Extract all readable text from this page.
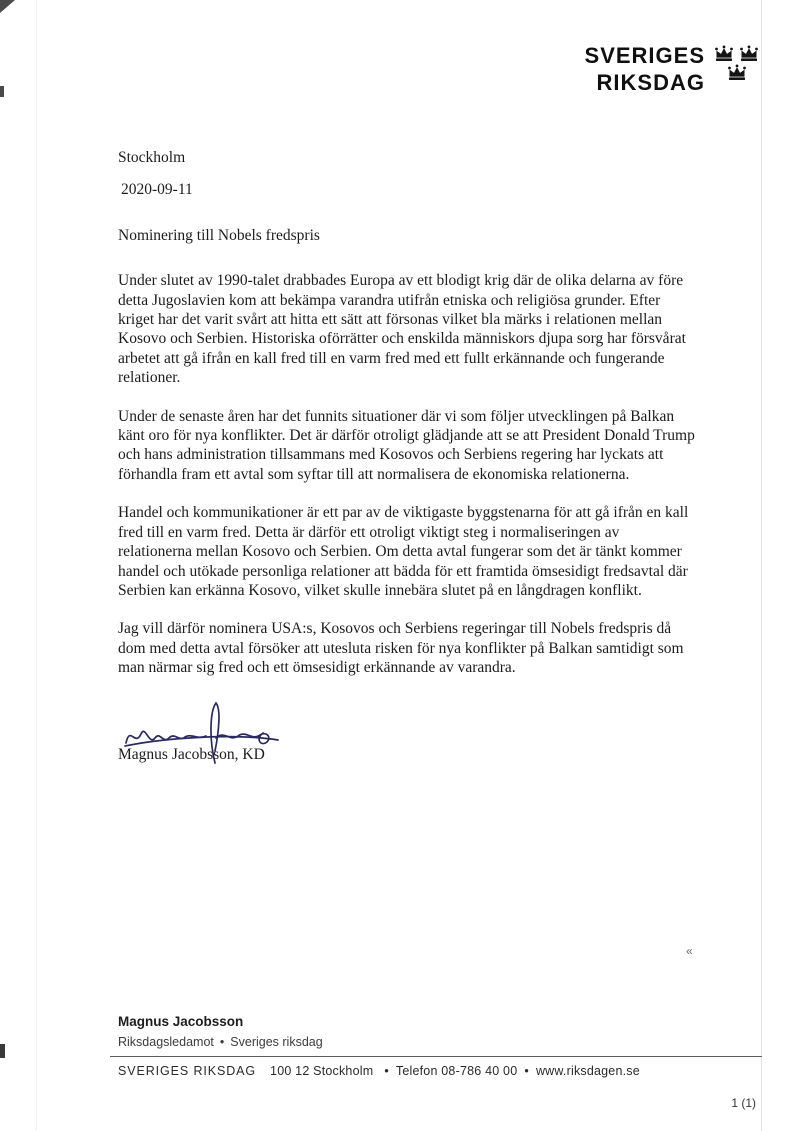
«
SVERIGES
RIKSDAG

Stockholm

2020-09-11

Nominering till Nobels fredspris

Under slutet av 1990-talet drabbades Europa av ett blodigt krig där de olika delarna av före detta Jugoslavien kom att bekämpa varandra utifrån etniska och religiösa grunder. Efter kriget har det varit svårt att hitta ett sätt att försonas vilket bla märks i relationen mellan Kosovo och Serbien. Historiska oförrätter och enskilda människors djupa sorg har försvårat arbetet att gå ifrån en kall fred till en varm fred med ett fullt erkännande och fungerande relationer.

Under de senaste åren har det funnits situationer där vi som följer utvecklingen på Balkan känt oro för nya konflikter. Det är därför otroligt glädjande att se att President Donald Trump och hans administration tillsammans med Kosovos och Serbiens regering har lyckats att förhandla fram ett avtal som syftar till att normalisera de ekonomiska relationerna.

Handel och kommunikationer är ett par av de viktigaste byggstenarna för att gå ifrån en kall fred till en varm fred. Detta är därför ett otroligt viktigt steg i normaliseringen av relationerna mellan Kosovo och Serbien. Om detta avtal fungerar som det är tänkt kommer handel och utökade personliga relationer att bädda för ett framtida ömsesidigt fredsavtal där Serbien kan erkänna Kosovo, vilket skulle innebära slutet på en långdragen konflikt.

Jag vill därför nominera USA:s, Kosovos och Serbiens regeringar till Nobels fredspris då dom med detta avtal försöker att utesluta risken för nya konflikter på Balkan samtidigt som man närmar sig fred och ett ömsesidigt erkännande av varandra.

Magnus Jacobsson, KD

Magnus Jacobsson
Riksdagsledamot • Sveriges riksdag
SVERIGES RIKSDAG 100 12 Stockholm • Telefon 08-786 40 00 • www.riksdagen.se
1 (1)
